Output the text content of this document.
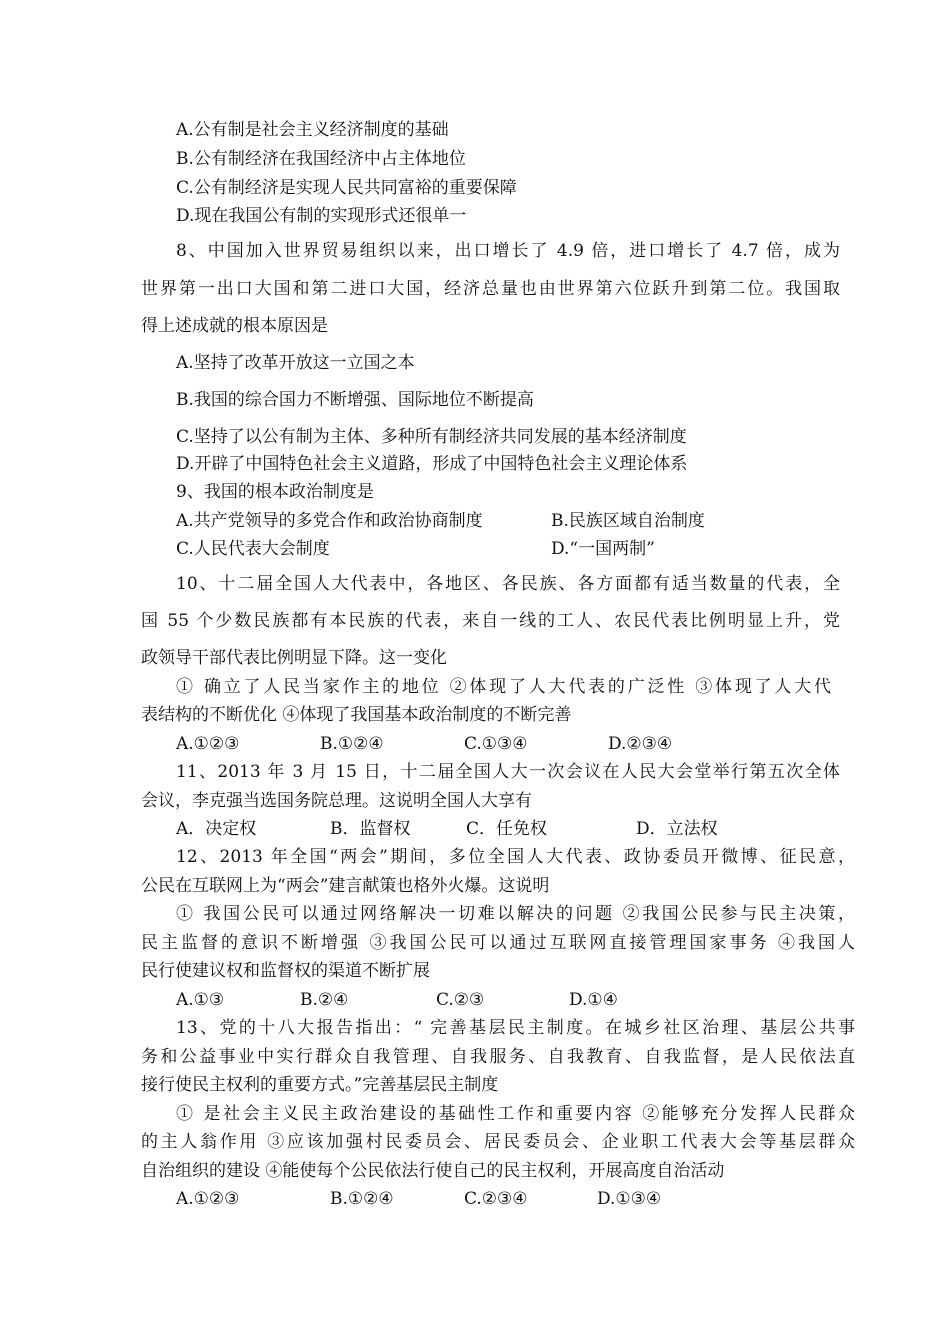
A.公有制是社会主义经济制度的基础
B.公有制经济在我国经济中占主体地位
C.公有制经济是实现人民共同富裕的重要保障
D.现在我国公有制的实现形式还很单一
8、中国加入世界贸易组织以来，出口增长了 4.9 倍，进口增长了 4.7 倍，成为
世界第一出口大国和第二进口大国，经济总量也由世界第六位跃升到第二位。我国取
得上述成就的根本原因是
A.坚持了改革开放这一立国之本
B.我国的综合国力不断增强、国际地位不断提高
C.坚持了以公有制为主体、多种所有制经济共同发展的基本经济制度
D.开辟了中国特色社会主义道路，形成了中国特色社会主义理论体系
9、我国的根本政治制度是
A.共产党领导的多党合作和政治协商制度	B.民族区域自治制度
C.人民代表大会制度	D.“一国两制”
10、十二届全国人大代表中，各地区、各民族、各方面都有适当数量的代表，全
国 55 个少数民族都有本民族的代表，来自一线的工人、农民代表比例明显上升，党
政领导干部代表比例明显下降。这一变化
① 确立了人民当家作主的地位 ②体现了人大代表的广泛性 ③体现了人大代
表结构的不断优化 ④体现了我国基本政治制度的不断完善
A.①②③	B.①②④	C.①③④	D.②③④
11、2013 年 3 月 15 日，十二届全国人大一次会议在人民大会堂举行第五次全体
会议，李克强当选国务院总理。这说明全国人大享有
A．决定权	B．监督权	C．任免权	D．立法权
12、2013 年全国“两会”期间，多位全国人大代表、政协委员开微博、征民意，
公民在互联网上为“两会”建言献策也格外火爆。这说明
① 我国公民可以通过网络解决一切难以解决的问题 ②我国公民参与民主决策，
民主监督的意识不断增强 ③我国公民可以通过互联网直接管理国家事务 ④我国人
民行使建议权和监督权的渠道不断扩展
A.①③	B.②④	C.②③	D.①④
13、党的十八大报告指出：“ 完善基层民主制度。在城乡社区治理、基层公共事
务和公益事业中实行群众自我管理、自我服务、自我教育、自我监督，是人民依法直
接行使民主权利的重要方式。”完善基层民主制度
① 是社会主义民主政治建设的基础性工作和重要内容 ②能够充分发挥人民群众
的主人翁作用 ③应该加强村民委员会、居民委员会、企业职工代表大会等基层群众
自治组织的建设 ④能使每个公民依法行使自己的民主权利，开展高度自治活动
A.①②③	B.①②④	C.②③④	D.①③④
